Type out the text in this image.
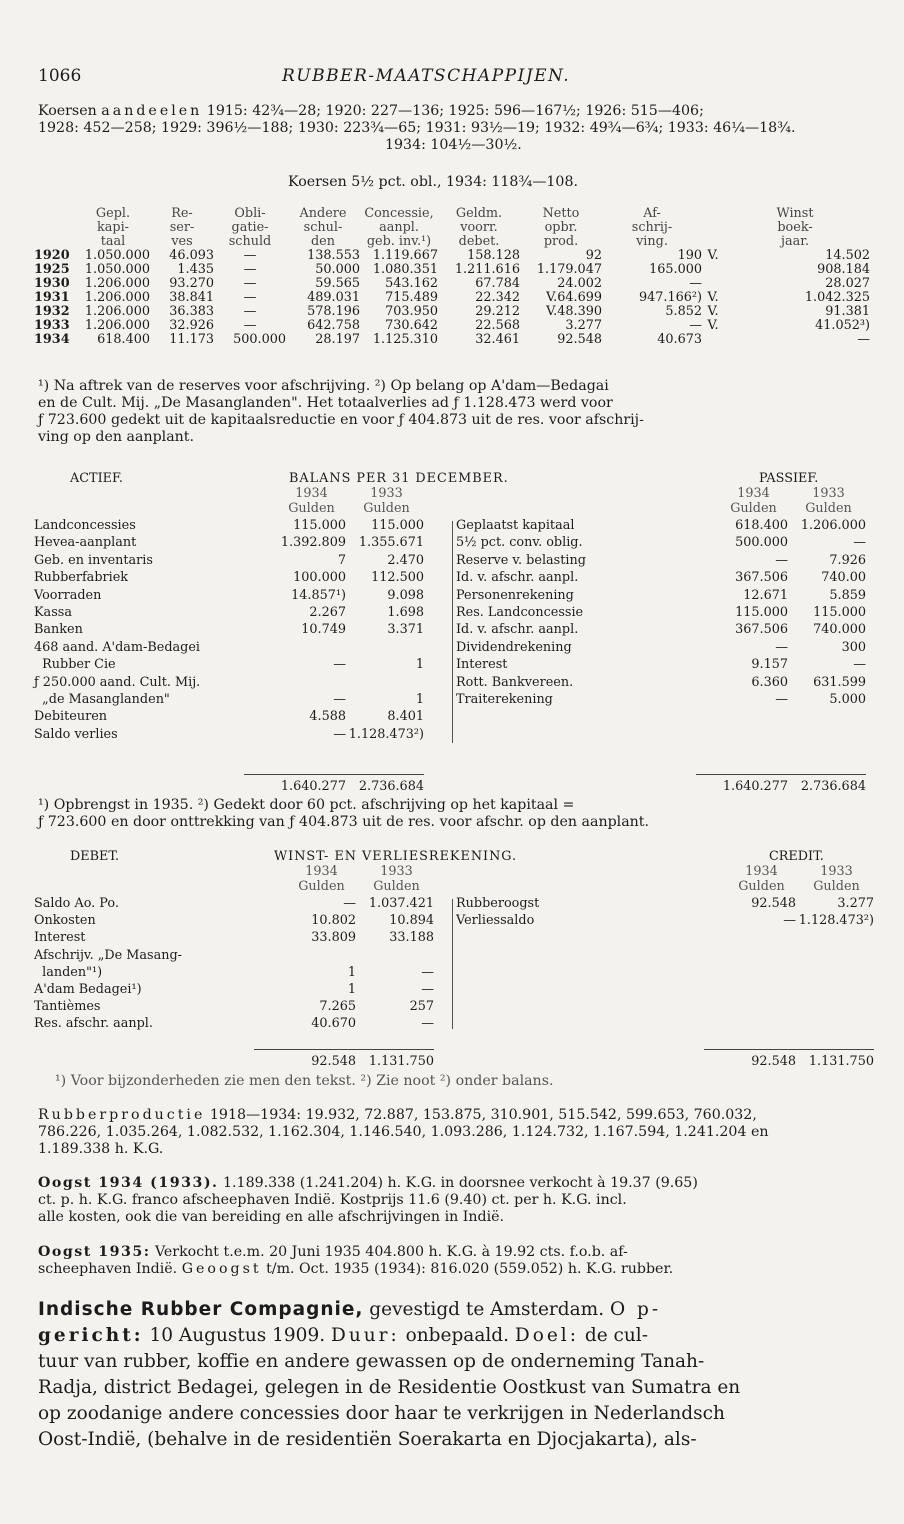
1066	RUBBER-MAATSCHAPPIJEN.
Koersen aandeelen 1915: 42¾—28; 1920: 227—136; 1925: 596—167½; 1926: 515—406;
1928: 452—258; 1929: 396½—188; 1930: 223¾—65; 1931: 93½—19; 1932: 49¾—6¾; 1933: 46¼—18¾.
1934: 104½—30½.
Koersen 5½ pct. obl., 1934: 118¾—108.
	Gepl.	Re-	Obli-	Andere	Concessie,	Geldm.	Netto	Af-	Winst	
	kapi-	ser-	gatie-	schul-	aanpl.	voorr.	opbr.	schrij-	boek-	
	taal	ves	schuld	den	geb. inv.¹)	debet.	prod.	ving.	jaar.	
1920	1.050.000	46.093	—	138.553	1.119.667	158.128	92	190	V.	14.502
1925	1.050.000	1.435	—	50.000	1.080.351	1.211.616	1.179.047	165.000		908.184
1930	1.206.000	93.270	—	59.565	543.162	67.784	24.002	—		28.027
1931	1.206.000	38.841	—	489.031	715.489	22.342	V.64.699	947.166²)	V.	1.042.325
1932	1.206.000	36.383	—	578.196	703.950	29.212	V.48.390	5.852	V.	91.381
1933	1.206.000	32.926	—	642.758	730.642	22.568	3.277	—	V.	41.052³)
1934	618.400	11.173	500.000	28.197	1.125.310	32.461	92.548	40.673		—
¹) Na aftrek van de reserves voor afschrijving. ²) Op belang op A'dam—Bedagai
en de Cult. Mij. „De Masanglanden". Het totaalverlies ad ƒ 1.128.473 werd voor
ƒ 723.600 gedekt uit de kapitaalsreductie en voor ƒ 404.873 uit de res. voor afschrij-
ving op den aanplant.
ACTIEF.	BALANS PER 31 DECEMBER.	PASSIEF.
1934	1933
Gulden Gulden
1934	1933
Gulden Gulden
Landconcessies	115.000	115.000
Hevea-aanplant	1.392.809	1.355.671
Geb. en inventaris	7	2.470
Rubberfabriek	100.000	112.500
Voorraden	14.857¹)	9.098
Kassa	2.267	1.698
Banken	10.749	3.371
468 aand. A'dam-Bedagei
Rubber Cie	—	1
ƒ 250.000 aand. Cult. Mij.
„de Masanglanden"	—	1
Debiteuren	4.588	8.401
Saldo verlies	— 1.128.473²)
Geplaatst kapitaal	618.400	1.206.000
5½ pct. conv. oblig.	500.000	—
Reserve v. belasting	—	7.926
Id. v. afschr. aanpl.	367.506	740.00
Personenrekening	12.671	5.859
Res. Landconcessie	115.000	115.000
Id. v. afschr. aanpl.	367.506	740.000
Dividendrekening	—	300
Interest	9.157	—
Rott. Bankvereen.	6.360	631.599
Traiterekening	—	5.000
1.640.277	2.736.684	1.640.277	2.736.684
¹) Opbrengst in 1935. ²) Gedekt door 60 pct. afschrijving op het kapitaal =
ƒ 723.600 en door onttrekking van ƒ 404.873 uit de res. voor afschr. op den aanplant.
DEBET.	WINST- EN VERLIESREKENING.	CREDIT.
1934	1933
Gulden Gulden
1934	1933
Gulden Gulden
Saldo Ao. Po.	—	1.037.421
Onkosten	10.802	10.894
Interest	33.809	33.188
Afschrijv. „De Masang-
landen"¹)	1	—
A'dam Bedagei¹)	1	—
Tantièmes	7.265	257
Res. afschr. aanpl.	40.670	—
Rubberoogst	92.548	3.277
Verliessaldo	— 1.128.473²)
92.548	1.131.750	92.548	1.131.750
¹) Voor bijzonderheden zie men den tekst. ²) Zie noot ²) onder balans.
Rubberproductie 1918—1934: 19.932, 72.887, 153.875, 310.901, 515.542, 599.653, 760.032,
786.226, 1.035.264, 1.082.532, 1.162.304, 1.146.540, 1.093.286, 1.124.732, 1.167.594, 1.241.204 en
1.189.338 h. K.G.
Oogst 1934 (1933). 1.189.338 (1.241.204) h. K.G. in doorsnee verkocht à 19.37 (9.65)
ct. p. h. K.G. franco afscheephaven Indië. Kostprijs 11.6 (9.40) ct. per h. K.G. incl.
alle kosten, ook die van bereiding en alle afschrijvingen in Indië.
Oogst 1935: Verkocht t.e.m. 20 Juni 1935 404.800 h. K.G. à 19.92 cts. f.o.b. af-
scheephaven Indië. Geoogst t/m. Oct. 1935 (1934): 816.020 (559.052) h. K.G. rubber.
Indische Rubber Compagnie, gevestigd te Amsterdam. O p-
gericht: 10 Augustus 1909. Duur: onbepaald. Doel: de cul-
tuur van rubber, koffie en andere gewassen op de onderneming Tanah-
Radja, district Bedagei, gelegen in de Residentie Oostkust van Sumatra en
op zoodanige andere concessies door haar te verkrijgen in Nederlandsch
Oost-Indië, (behalve in de residentiën Soerakarta en Djocjakarta), als-
